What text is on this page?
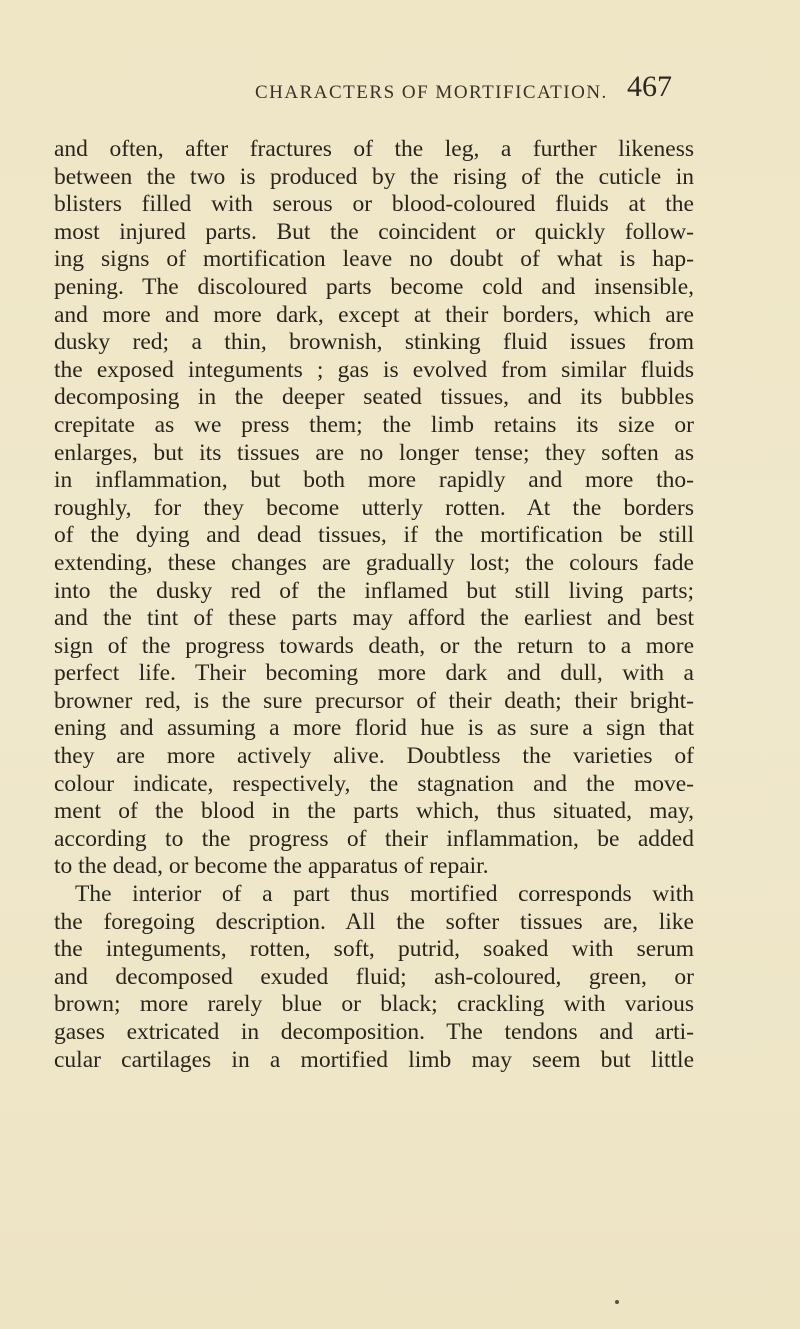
CHARACTERS OF MORTIFICATION. 467
and often, after fractures of the leg, a further likeness
between the two is produced by the rising of the cuticle in
blisters filled with serous or blood-coloured fluids at the
most injured parts. But the coincident or quickly follow-
ing signs of mortification leave no doubt of what is hap-
pening. The discoloured parts become cold and insensible,
and more and more dark, except at their borders, which are
dusky red; a thin, brownish, stinking fluid issues from
the exposed integuments ; gas is evolved from similar fluids
decomposing in the deeper seated tissues, and its bubbles
crepitate as we press them; the limb retains its size or
enlarges, but its tissues are no longer tense; they soften as
in inflammation, but both more rapidly and more tho-
roughly, for they become utterly rotten. At the borders
of the dying and dead tissues, if the mortification be still
extending, these changes are gradually lost; the colours fade
into the dusky red of the inflamed but still living parts;
and the tint of these parts may afford the earliest and best
sign of the progress towards death, or the return to a more
perfect life. Their becoming more dark and dull, with a
browner red, is the sure precursor of their death; their bright-
ening and assuming a more florid hue is as sure a sign that
they are more actively alive. Doubtless the varieties of
colour indicate, respectively, the stagnation and the move-
ment of the blood in the parts which, thus situated, may,
according to the progress of their inflammation, be added
to the dead, or become the apparatus of repair.
The interior of a part thus mortified corresponds with
the foregoing description. All the softer tissues are, like
the integuments, rotten, soft, putrid, soaked with serum
and decomposed exuded fluid; ash-coloured, green, or
brown; more rarely blue or black; crackling with various
gases extricated in decomposition. The tendons and arti-
cular cartilages in a mortified limb may seem but little
